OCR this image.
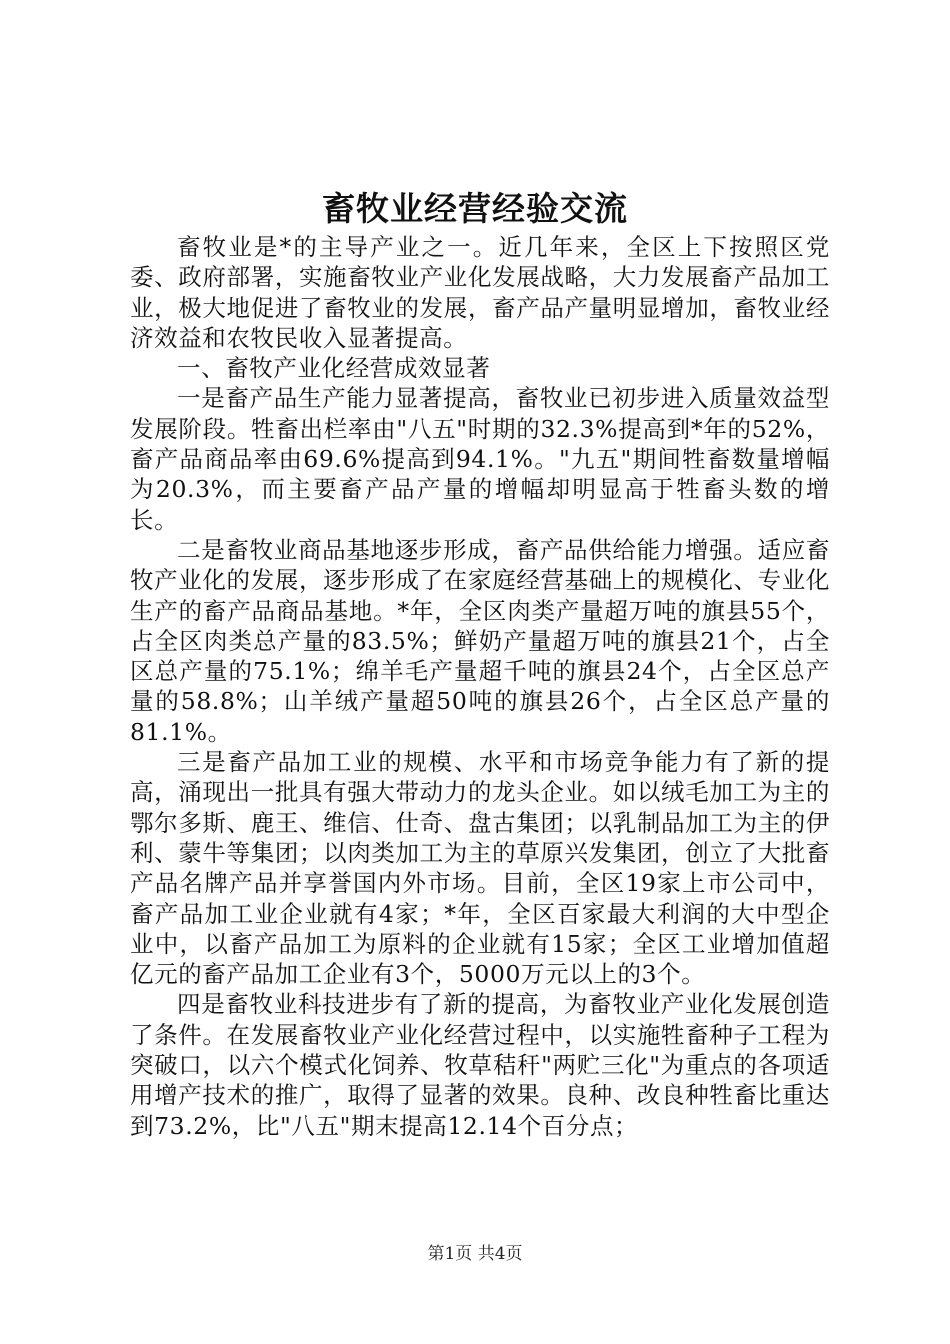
畜牧业经营经验交流

畜牧业是*的主导产业之一。近几年来，全区上下按照区党委、政府部署，实施畜牧业产业化发展战略，大力发展畜产品加工业，极大地促进了畜牧业的发展，畜产品产量明显增加，畜牧业经济效益和农牧民收入显著提高。

一、畜牧产业化经营成效显著

一是畜产品生产能力显著提高，畜牧业已初步进入质量效益型发展阶段。牲畜出栏率由"八五"时期的32.3%提高到*年的52%，畜产品商品率由69.6%提高到94.1%。"九五"期间牲畜数量增幅为20.3%，而主要畜产品产量的增幅却明显高于牲畜头数的增长。

二是畜牧业商品基地逐步形成，畜产品供给能力增强。适应畜牧产业化的发展，逐步形成了在家庭经营基础上的规模化、专业化生产的畜产品商品基地。*年，全区肉类产量超万吨的旗县55个，占全区肉类总产量的83.5%；鲜奶产量超万吨的旗县21个，占全区总产量的75.1%；绵羊毛产量超千吨的旗县24个，占全区总产量的58.8%；山羊绒产量超50吨的旗县26个，占全区总产量的81.1%。

三是畜产品加工业的规模、水平和市场竞争能力有了新的提高，涌现出一批具有强大带动力的龙头企业。如以绒毛加工为主的鄂尔多斯、鹿王、维信、仕奇、盘古集团；以乳制品加工为主的伊利、蒙牛等集团；以肉类加工为主的草原兴发集团，创立了大批畜产品名牌产品并享誉国内外市场。目前，全区19家上市公司中，畜产品加工业企业就有4家；*年，全区百家最大利润的大中型企业中，以畜产品加工为原料的企业就有15家；全区工业增加值超亿元的畜产品加工企业有3个，5000万元以上的3个。

四是畜牧业科技进步有了新的提高，为畜牧业产业化发展创造了条件。在发展畜牧业产业化经营过程中，以实施牲畜种子工程为突破口，以六个模式化饲养、牧草秸秆"两贮三化"为重点的各项适用增产技术的推广，取得了显著的效果。良种、改良种牲畜比重达到73.2%，比"八五"期末提高12.14个百分点；

第1页 共4页
